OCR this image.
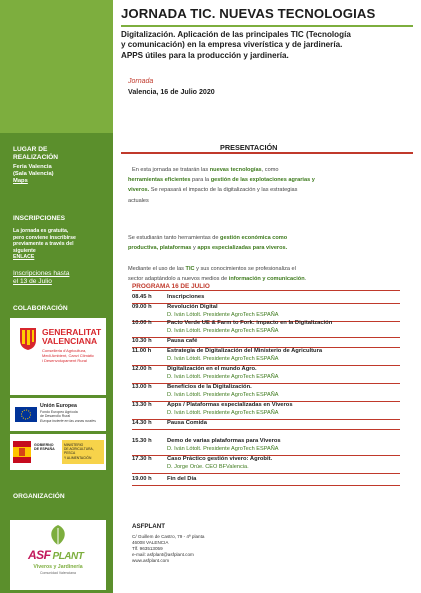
JORNADA TIC. NUEVAS TECNOLOGIAS
Digitalización. Aplicación de las principales TIC (Tecnología
y comunicación) en la empresa viverística y de jardinería.
APPS útiles para la producción y jardinería.
Jornada
Valencia, 16 de Julio 2020
LUGAR DE
REALIZACIÓN
Feria Valencia
(Sala Valencia)
Maps
INSCRIPCIONES
La jornada es gratuita,
pero conviene inscribirse
previamente a través del
siguiente
ENLACE
Inscripciones hasta
el 13 de Julio
COLABORACIÓN
GENERALITAT
VALENCIANA
Conselleria d'Agricultura,
Medi Ambient, Canvi Climàtic
i Desenvolupament Rural
Unión Europea
Fondo Europeo Agrícola
de Desarrollo Rural
Europa invierte en las zonas rurales
GOBIERNO
DE ESPAÑA
MINISTERIO
DE AGRICULTURA, PESCA
Y ALIMENTACIÓN
ORGANIZACIÓN
ASF PLANT
Viveros y Jardinería
Comunidad Valenciana
PRESENTACIÓN
En esta jornada se tratarán las nuevas tecnologías, como
herramientas eficientes para la gestión de las explotaciones agrarias y
viveros. Se repasará el impacto de la digitalización y las estrategias
actuales
Se estudiarán tanto herramientas de gestión económica como
productiva, plataformas y apps especializadas para viveros.
Mediante el uso de las TIC y sus conocimientos se profesionaliza el
sector adaptándolo a nuevos medios de información y comunicación.
PROGRAMA 16 DE JULIO
08.45 h	Inscripciones
09.00 h	Revolución Digital
D. Iván Lótolt. Presidente AgroTech ESPAÑA
10.00 h	Pacto Verde UE & Farm to Fork: impacto en la Digitalización
D. Iván Lótolt. Presidente AgroTech ESPAÑA
10.30 h	Pausa café
11.00 h	Estrategia de Digitalización del Ministerio de Agricultura
D. Iván Lótolt. Presidente AgroTech ESPAÑA
12.00 h	Digitalización en el mundo Agro.
D. Iván Lótolt. Presidente AgroTech ESPAÑA
13.00 h	Beneficios de la Digitalización.
D. Iván Lótolt. Presidente AgroTech ESPAÑA
13.30 h	Apps / Plataformas especializadas en Viveros
D. Iván Lótolt. Presidente AgroTech ESPAÑA
14.30 h	Pausa Comida
15.30 h	Demo de varias plataformas para Viveros
D. Iván Lótolt. Presidente AgroTech ESPAÑA
17.30 h	Caso Práctico gestión vivero: Agrobit.
D. Jorge Orúe. CEO BFValencia.
19.00 h	Fin del Día
ASFPLANT
C/ Guillem de Castro, 79 - 4ª planta
46008 VALENCIA
Tlf. 963513059
e-mail: asfplant@asfplant.com
www.asfplant.com
